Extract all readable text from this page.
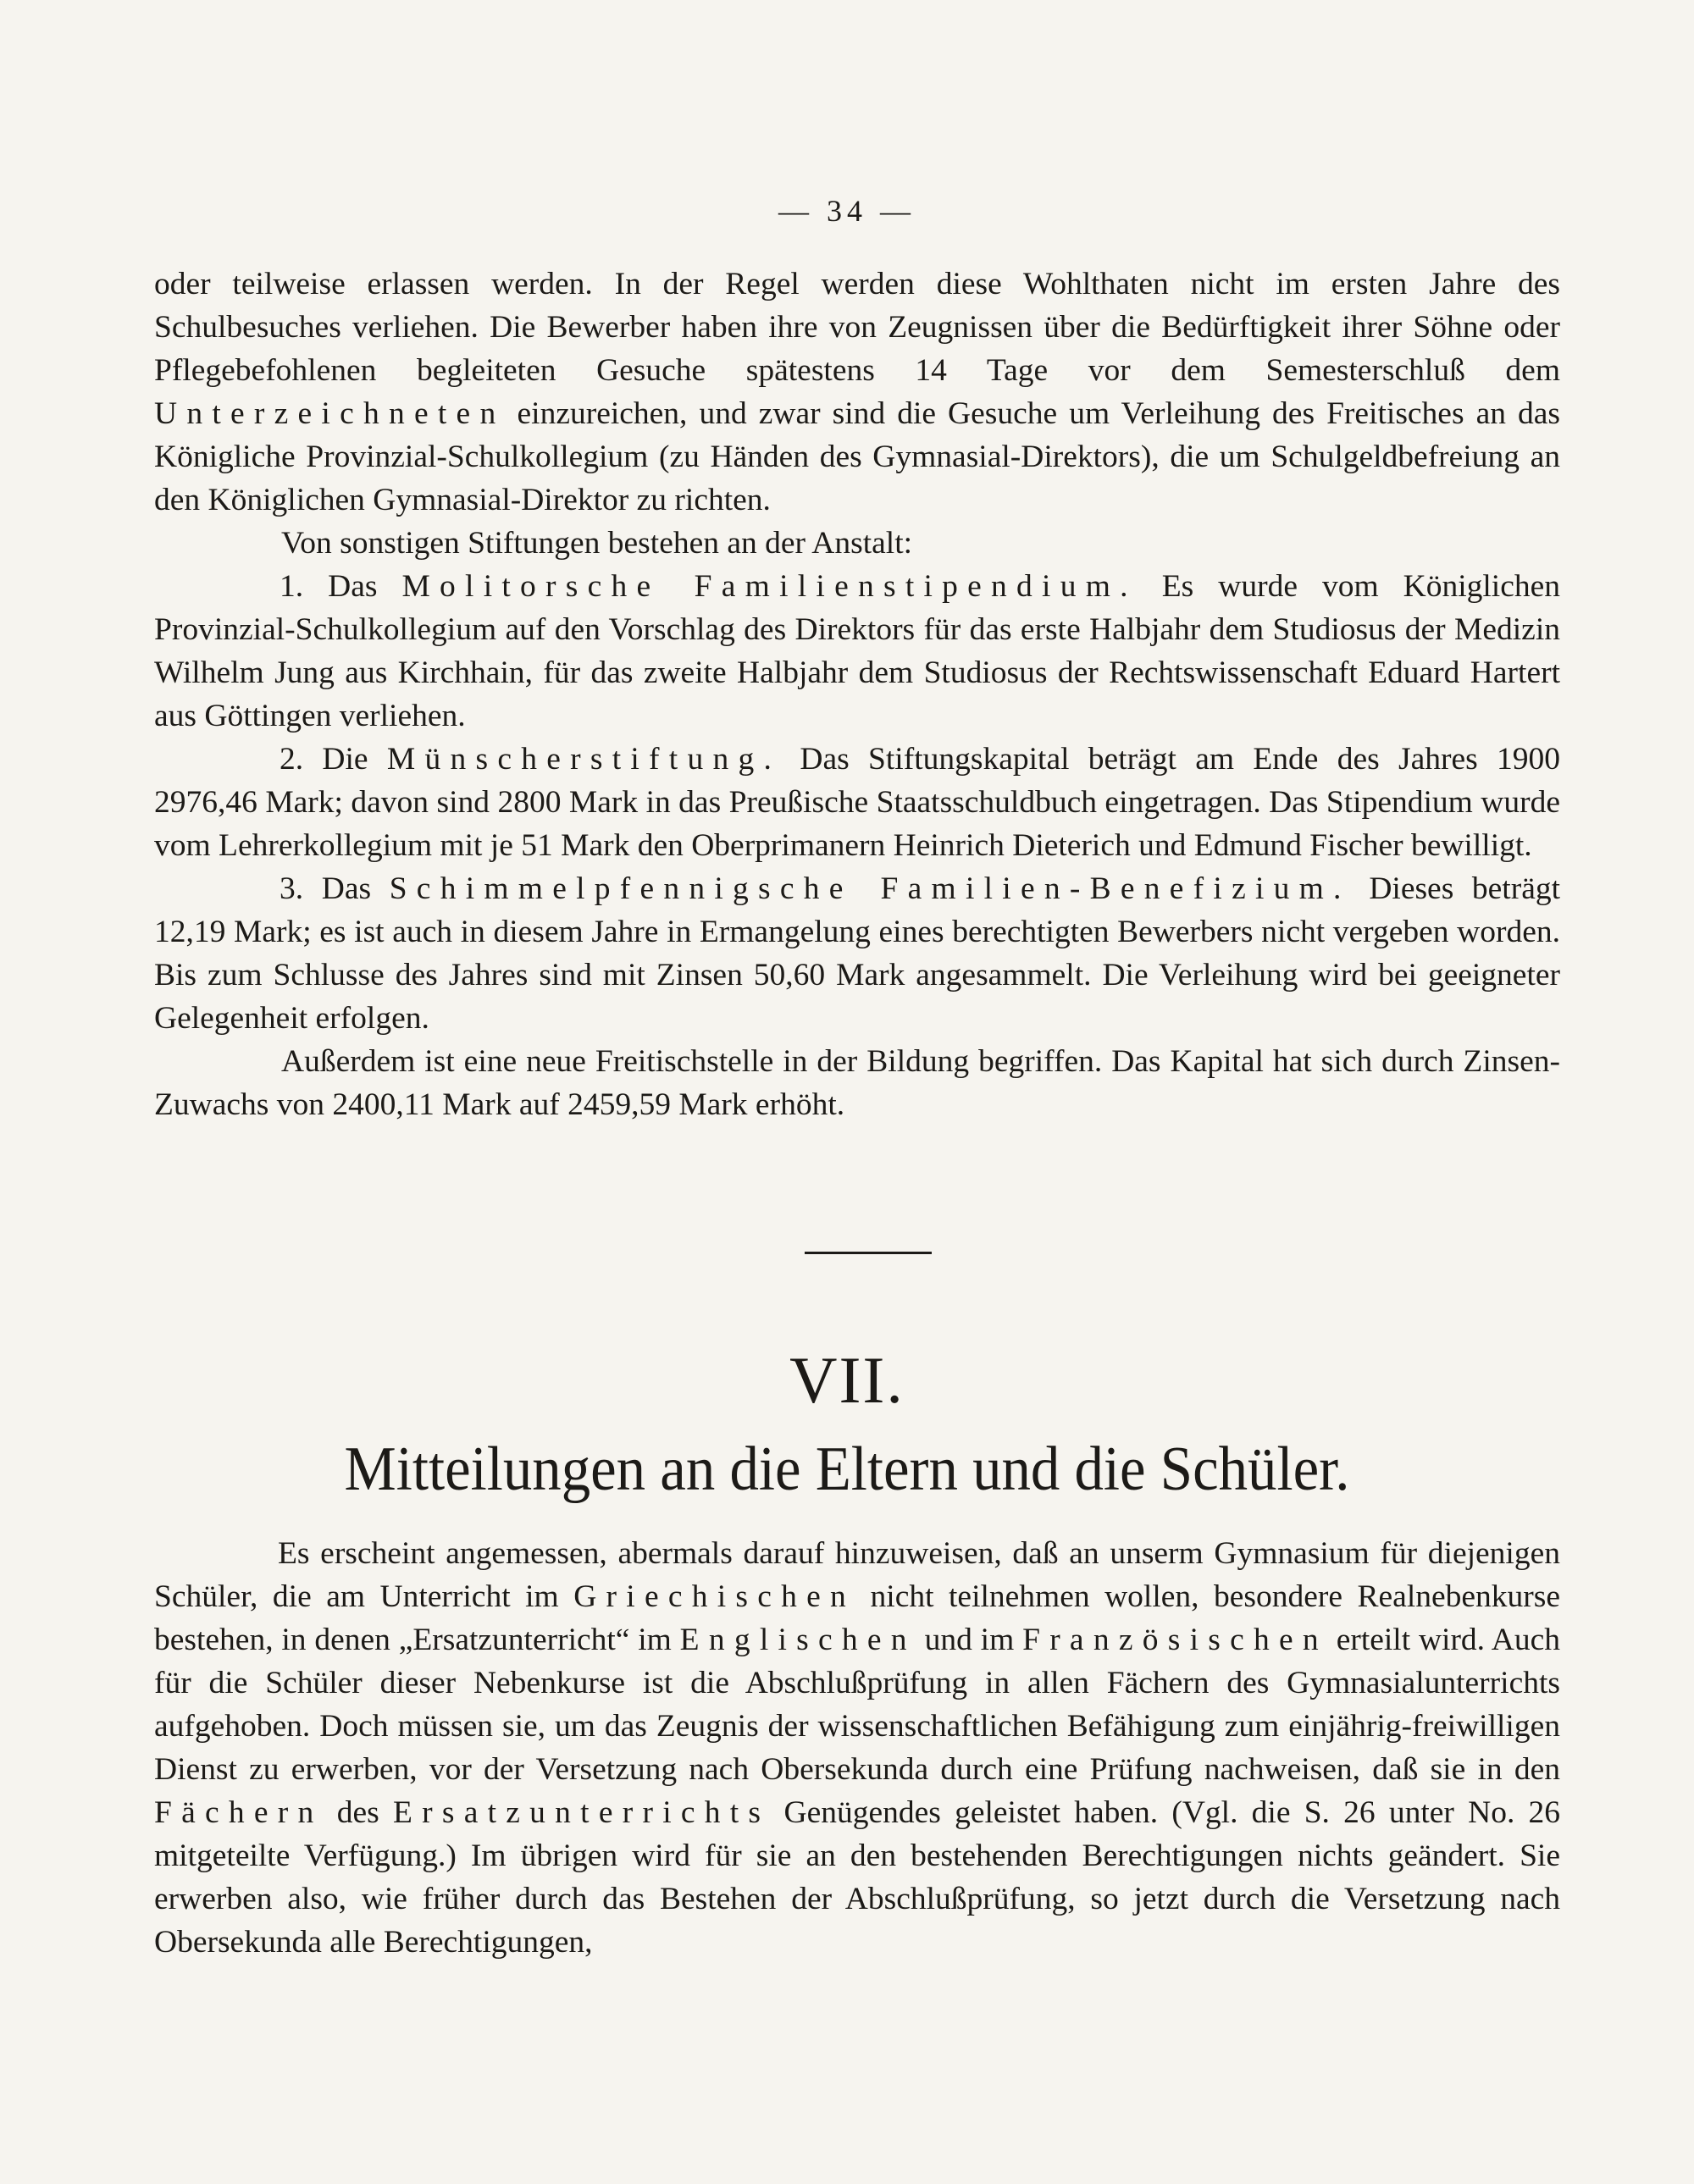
— 34 —

oder teilweise erlassen werden. In der Regel werden diese Wohlthaten nicht im ersten Jahre des Schulbesuches verliehen. Die Bewerber haben ihre von Zeugnissen über die Bedürftigkeit ihrer Söhne oder Pflegebefohlenen begleiteten Gesuche spätestens 14 Tage vor dem Semesterschluß dem Unterzeichneten einzureichen, und zwar sind die Gesuche um Verleihung des Freitisches an das Königliche Provinzial-Schulkollegium (zu Händen des Gymnasial-Direktors), die um Schulgeldbefreiung an den Königlichen Gymnasial-Direktor zu richten.

Von sonstigen Stiftungen bestehen an der Anstalt:

1. Das Molitorsche Familienstipendium. Es wurde vom Königlichen Provinzial-Schulkollegium auf den Vorschlag des Direktors für das erste Halbjahr dem Studiosus der Medizin Wilhelm Jung aus Kirchhain, für das zweite Halbjahr dem Studiosus der Rechtswissenschaft Eduard Hartert aus Göttingen verliehen.

2. Die Münscherstiftung. Das Stiftungskapital beträgt am Ende des Jahres 1900 2976,46 Mark; davon sind 2800 Mark in das Preußische Staatsschuldbuch eingetragen. Das Stipendium wurde vom Lehrerkollegium mit je 51 Mark den Oberprimanern Heinrich Dieterich und Edmund Fischer bewilligt.

3. Das Schimmelpfennigsche Familien-Benefizium. Dieses beträgt 12,19 Mark; es ist auch in diesem Jahre in Ermangelung eines berechtigten Bewerbers nicht vergeben worden. Bis zum Schlusse des Jahres sind mit Zinsen 50,60 Mark angesammelt. Die Verleihung wird bei geeigneter Gelegenheit erfolgen.

Außerdem ist eine neue Freitischstelle in der Bildung begriffen. Das Kapital hat sich durch Zinsen-Zuwachs von 2400,11 Mark auf 2459,59 Mark erhöht.

VII.
Mitteilungen an die Eltern und die Schüler.

Es erscheint angemessen, abermals darauf hinzuweisen, daß an unserm Gymnasium für diejenigen Schüler, die am Unterricht im Griechischen nicht teilnehmen wollen, besondere Realnebenkurse bestehen, in denen „Ersatzunterricht“ im Englischen und im Französischen erteilt wird. Auch für die Schüler dieser Nebenkurse ist die Abschlußprüfung in allen Fächern des Gymnasialunterrichts aufgehoben. Doch müssen sie, um das Zeugnis der wissenschaftlichen Befähigung zum einjährig-freiwilligen Dienst zu erwerben, vor der Versetzung nach Obersekunda durch eine Prüfung nachweisen, daß sie in den Fächern des Ersatzunterrichts Genügendes geleistet haben. (Vgl. die S. 26 unter No. 26 mitgeteilte Verfügung.) Im übrigen wird für sie an den bestehenden Berechtigungen nichts geändert. Sie erwerben also, wie früher durch das Bestehen der Abschlußprüfung, so jetzt durch die Versetzung nach Obersekunda alle Berechtigungen,
